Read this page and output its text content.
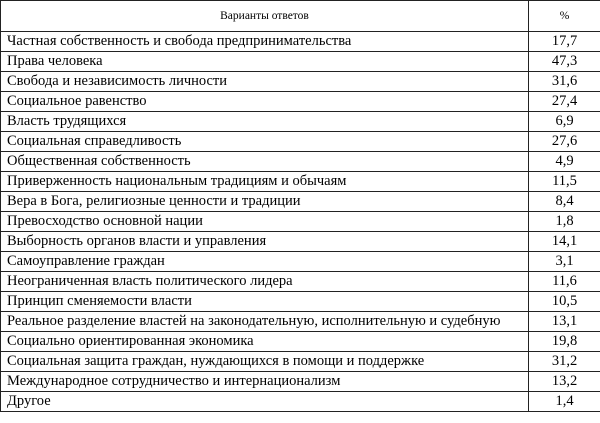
Варианты ответов	%
Частная собственность и свобода предпринимательства	17,7
Права человека	47,3
Свобода и независимость личности	31,6
Социальное равенство	27,4
Власть трудящихся	6,9
Социальная справедливость	27,6
Общественная собственность	4,9
Приверженность национальным традициям и обычаям	11,5
Вера в Бога, религиозные ценности и традиции	8,4
Превосходство основной нации	1,8
Выборность органов власти и управления	14,1
Самоуправление граждан	3,1
Неограниченная власть политического лидера	11,6
Принцип сменяемости власти	10,5
Реальное разделение властей на законодательную, исполнительную и судебную	13,1
Социально ориентированная экономика	19,8
Социальная защита граждан, нуждающихся в помощи и поддержке	31,2
Международное сотрудничество и интернационализм	13,2
Другое	1,4
